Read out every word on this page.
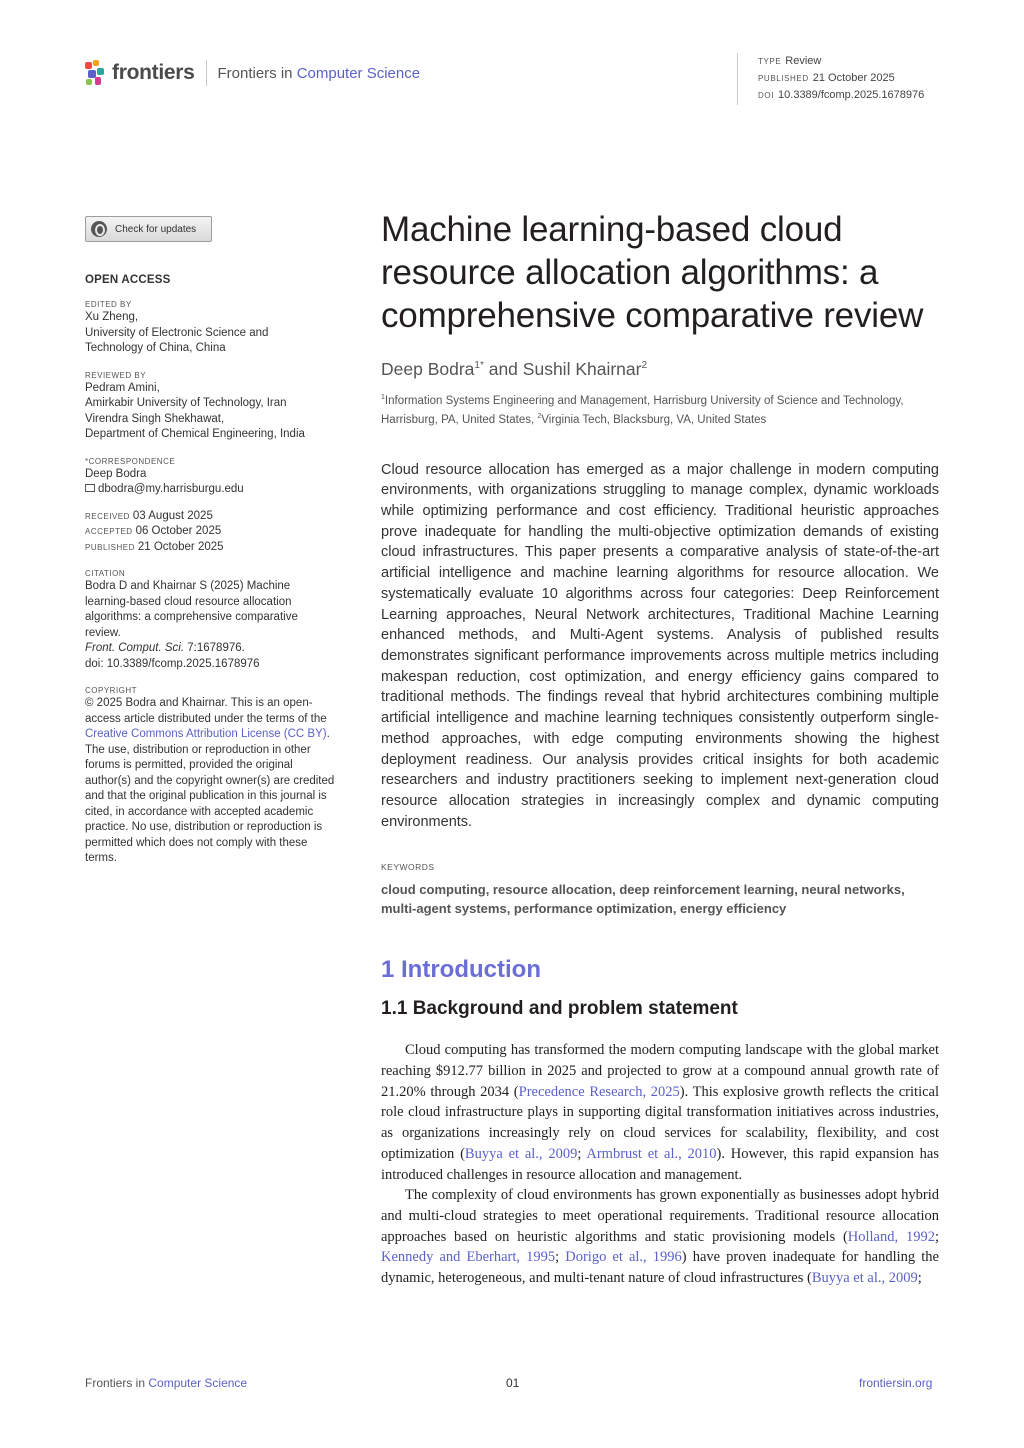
frontiers Frontiers in Computer Science
TYPE Review
PUBLISHED 21 October 2025
DOI 10.3389/fcomp.2025.1678976
Check for updates
OPEN ACCESS
EDITED BY
Xu Zheng,
University of Electronic Science and
Technology of China, China
REVIEWED BY
Pedram Amini,
Amirkabir University of Technology, Iran
Virendra Singh Shekhawat,
Department of Chemical Engineering, India
*CORRESPONDENCE
Deep Bodra
dbodra@my.harrisburgu.edu
RECEIVED 03 August 2025
ACCEPTED 06 October 2025
PUBLISHED 21 October 2025
CITATION
Bodra D and Khairnar S (2025) Machine
learning-based cloud resource allocation
algorithms: a comprehensive comparative
review.
Front. Comput. Sci. 7:1678976.
doi: 10.3389/fcomp.2025.1678976
COPYRIGHT
© 2025 Bodra and Khairnar. This is an open-access article distributed under the terms of the Creative Commons Attribution License (CC BY). The use, distribution or reproduction in other forums is permitted, provided the original author(s) and the copyright owner(s) are credited and that the original publication in this journal is cited, in accordance with accepted academic practice. No use, distribution or reproduction is permitted which does not comply with these terms.
Machine learning-based cloud resource allocation algorithms: a comprehensive comparative review
Deep Bodra$^{1*}$ and Sushil Khairnar$^2$
$^1$Information Systems Engineering and Management, Harrisburg University of Science and Technology, Harrisburg, PA, United States, $^2$Virginia Tech, Blacksburg, VA, United States
Cloud resource allocation has emerged as a major challenge in modern computing environments, with organizations struggling to manage complex, dynamic workloads while optimizing performance and cost efficiency. Traditional heuristic approaches prove inadequate for handling the multi-objective optimization demands of existing cloud infrastructures. This paper presents a comparative analysis of state-of-the-art artificial intelligence and machine learning algorithms for resource allocation. We systematically evaluate 10 algorithms across four categories: Deep Reinforcement Learning approaches, Neural Network architectures, Traditional Machine Learning enhanced methods, and Multi-Agent systems. Analysis of published results demonstrates significant performance improvements across multiple metrics including makespan reduction, cost optimization, and energy efficiency gains compared to traditional methods. The findings reveal that hybrid architectures combining multiple artificial intelligence and machine learning techniques consistently outperform single-method approaches, with edge computing environments showing the highest deployment readiness. Our analysis provides critical insights for both academic researchers and industry practitioners seeking to implement next-generation cloud resource allocation strategies in increasingly complex and dynamic computing environments.
KEYWORDS
cloud computing, resource allocation, deep reinforcement learning, neural networks, multi-agent systems, performance optimization, energy efficiency
1 Introduction
1.1 Background and problem statement

Cloud computing has transformed the modern computing landscape with the global market reaching $912.77 billion in 2025 and projected to grow at a compound annual growth rate of 21.20% through 2034 (Precedence Research, 2025). This explosive growth reflects the critical role cloud infrastructure plays in supporting digital transformation initiatives across industries, as organizations increasingly rely on cloud services for scalability, flexibility, and cost optimization (Buyya et al., 2009; Armbrust et al., 2010). However, this rapid expansion has introduced challenges in resource allocation and management.

The complexity of cloud environments has grown exponentially as businesses adopt hybrid and multi-cloud strategies to meet operational requirements. Traditional resource allocation approaches based on heuristic algorithms and static provisioning models (Holland, 1992; Kennedy and Eberhart, 1995; Dorigo et al., 1996) have proven inadequate for handling the dynamic, heterogeneous, and multi-tenant nature of cloud infrastructures (Buyya et al., 2009;

Frontiers in Computer Science	01	frontiersin.org
